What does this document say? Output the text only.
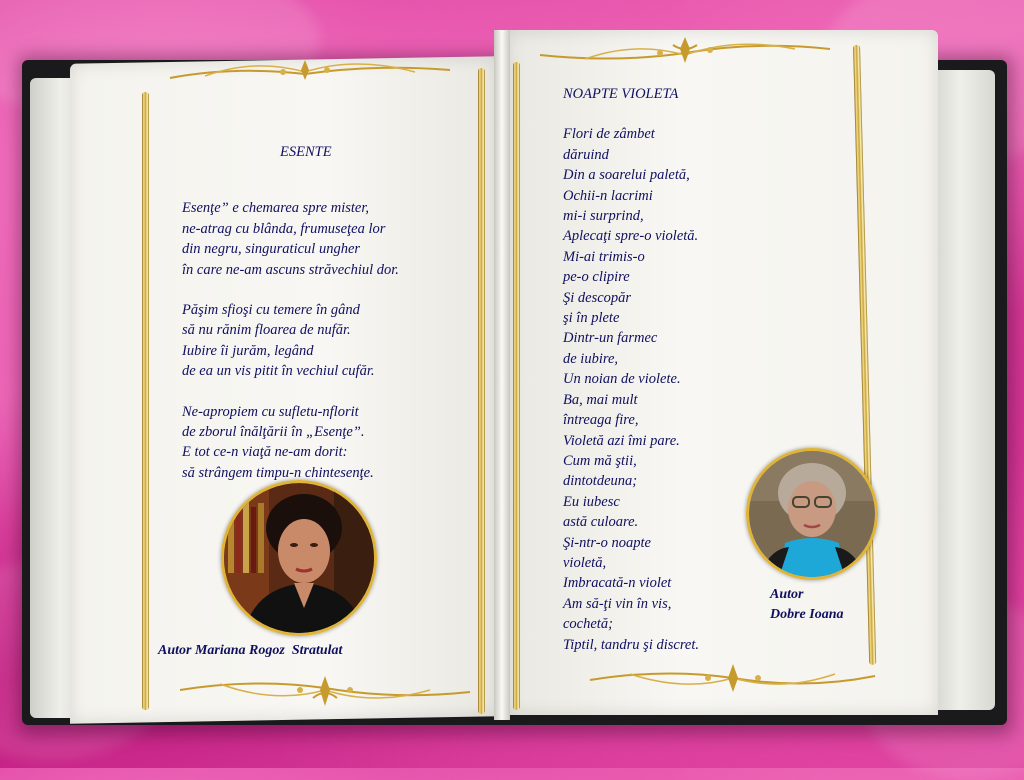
ESENTE
Esenţe” e chemarea spre mister,
ne-atrag cu blânda, frumuseţea lor
din negru, singuraticul ungher
în care ne-am ascuns străvechiul dor.
Păşim sfioşi cu temere în gând
să nu rănim floarea de nufăr.
Iubire îi jurăm, legând
de ea un vis pitit în vechiul cufăr.
Ne-apropiem cu sufletu-nflorit
de zborul înălţării în „Esenţe”.
E tot ce-n viaţă ne-am dorit:
să strângem timpu-n chintesenţe.
Autor Mariana Rogoz  Stratulat
NOAPTE VIOLETA
Flori de zâmbet
dăruind
Din a soarelui paletă,
Ochii-n lacrimi
mi-i surprind,
Aplecaţi spre-o violetă.
Mi-ai trimis-o
pe-o clipire
Şi descopăr
şi în plete
Dintr-un farmec
de iubire,
Un noian de violete.
Ba, mai mult
întreaga fire,
Violetă azi îmi pare.
Cum mă ştii,
dintotdeuna;
Eu iubesc
astă culoare.
Şi-ntr-o noapte
violetă,
Imbracată-n violet
Am să-ţi vin în vis,
cochetă;
Tiptil, tandru şi discret.
Autor
Dobre Ioana
